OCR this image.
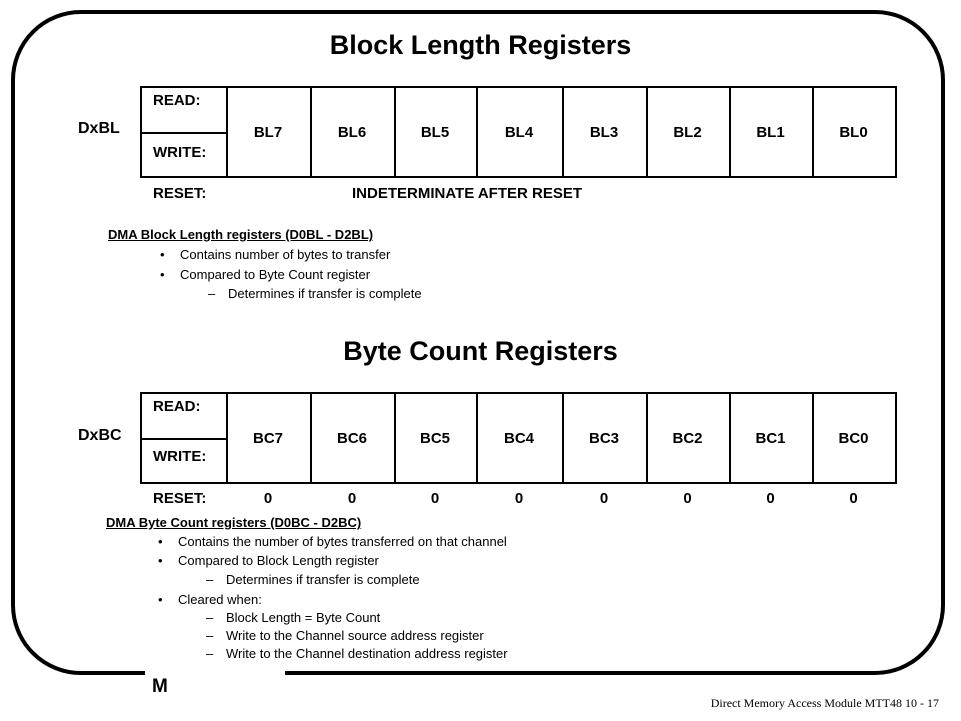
M
Direct Memory Access Module MTT48 10 - 17
Block Length Registers
DxBL
READ:
WRITE:
BL7	BL6	BL5	BL4	BL3	BL2	BL1	BL0
RESET:	INDETERMINATE AFTER RESET
DMA Block Length registers (D0BL - D2BL)
• Contains number of bytes to transfer
• Compared to Byte Count register
– Determines if transfer is complete
Byte Count Registers
DxBC
READ:
WRITE:
BC7	BC6	BC5	BC4	BC3	BC2	BC1	BC0
RESET:	0	0	0	0	0	0	0	0
DMA Byte Count registers (D0BC - D2BC)
• Contains the number of bytes transferred on that channel
• Compared to Block Length register
– Determines if transfer is complete
• Cleared when:
– Block Length = Byte Count
– Write to the Channel source address register
– Write to the Channel destination address register
